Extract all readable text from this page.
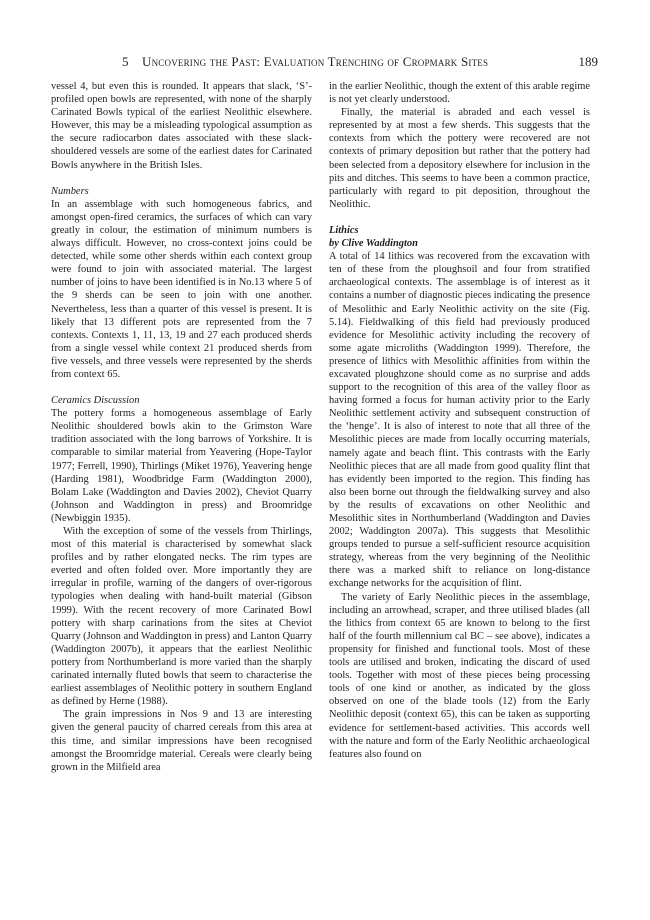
5 Uncovering the Past: Evaluation Trenching of Cropmark Sites	189

vessel 4, but even this is rounded. It appears that slack, ‘S’-profiled open bowls are represented, with none of the sharply Carinated Bowls typical of the earliest Neolithic elsewhere. However, this may be a misleading typological assumption as the secure radiocarbon dates associated with these slack-shouldered vessels are some of the earliest dates for Carinated Bowls anywhere in the British Isles.

Numbers

In an assemblage with such homogeneous fabrics, and amongst open-fired ceramics, the surfaces of which can vary greatly in colour, the estimation of minimum numbers is always difficult. However, no cross-context joins could be detected, while some other sherds within each context group were found to join with associated material. The largest number of joins to have been identified is in No.13 where 5 of the 9 sherds can be seen to join with one another. Nevertheless, less than a quarter of this vessel is present. It is likely that 13 different pots are represented from the 7 contexts. Contexts 1, 11, 13, 19 and 27 each produced sherds from a single vessel while context 21 produced sherds from five vessels, and three vessels were represented by the sherds from context 65.

Ceramics Discussion

The pottery forms a homogeneous assemblage of Early Neolithic shouldered bowls akin to the Grimston Ware tradition associated with the long barrows of Yorkshire. It is comparable to similar material from Yeavering (Hope-Taylor 1977; Ferrell, 1990), Thirlings (Miket 1976), Yeavering henge (Harding 1981), Woodbridge Farm (Waddington 2000), Bolam Lake (Waddington and Davies 2002), Cheviot Quarry (Johnson and Waddington in press) and Broomridge (Newbiggin 1935).

With the exception of some of the vessels from Thirlings, most of this material is characterised by somewhat slack profiles and by rather elongated necks. The rim types are everted and often folded over. More importantly they are irregular in profile, warning of the dangers of over-rigorous typologies when dealing with hand-built material (Gibson 1999). With the recent recovery of more Carinated Bowl pottery with sharp carinations from the sites at Cheviot Quarry (Johnson and Waddington in press) and Lanton Quarry (Waddington 2007b), it appears that the earliest Neolithic pottery from Northumberland is more varied than the sharply carinated internally fluted bowls that seem to characterise the earliest assemblages of Neolithic pottery in southern England as defined by Herne (1988).

The grain impressions in Nos 9 and 13 are interesting given the general paucity of charred cereals from this area at this time, and similar impressions have been recognised amongst the Broomridge material. Cereals were clearly being grown in the Milfield area

in the earlier Neolithic, though the extent of this arable regime is not yet clearly understood.

Finally, the material is abraded and each vessel is represented by at most a few sherds. This suggests that the contexts from which the pottery were recovered are not contexts of primary deposition but rather that the pottery had been selected from a depository elsewhere for inclusion in the pits and ditches. This seems to have been a common practice, particularly with regard to pit deposition, throughout the Neolithic.

Lithics

by Clive Waddington

A total of 14 lithics was recovered from the excavation with ten of these from the ploughsoil and four from stratified archaeological contexts. The assemblage is of interest as it contains a number of diagnostic pieces indicating the presence of Mesolithic and Early Neolithic activity on the site (Fig. 5.14). Fieldwalking of this field had previously produced evidence for Mesolithic activity including the recovery of some agate microliths (Waddington 1999). Therefore, the presence of lithics with Mesolithic affinities from within the excavated ploughzone should come as no surprise and adds support to the recognition of this area of the valley floor as having formed a focus for human activity prior to the Early Neolithic settlement activity and subsequent construction of the ‘henge’. It is also of interest to note that all three of the Mesolithic pieces are made from locally occurring materials, namely agate and beach flint. This contrasts with the Early Neolithic pieces that are all made from good quality flint that has evidently been imported to the region. This finding has also been borne out through the fieldwalking survey and also by the results of excavations on other Neolithic and Mesolithic sites in Northumberland (Waddington and Davies 2002; Waddington 2007a). This suggests that Mesolithic groups tended to pursue a self-sufficient resource acquisition strategy, whereas from the very beginning of the Neolithic there was a marked shift to reliance on long-distance exchange networks for the acquisition of flint.

The variety of Early Neolithic pieces in the assemblage, including an arrowhead, scraper, and three utilised blades (all the lithics from context 65 are known to belong to the first half of the fourth millennium cal BC – see above), indicates a propensity for finished and functional tools. Most of these tools are utilised and broken, indicating the discard of used tools. Together with most of these pieces being processing tools of one kind or another, as indicated by the gloss observed on one of the blade tools (12) from the Early Neolithic deposit (context 65), this can be taken as supporting evidence for settlement-based activities. This accords well with the nature and form of the Early Neolithic archaeological features also found on
